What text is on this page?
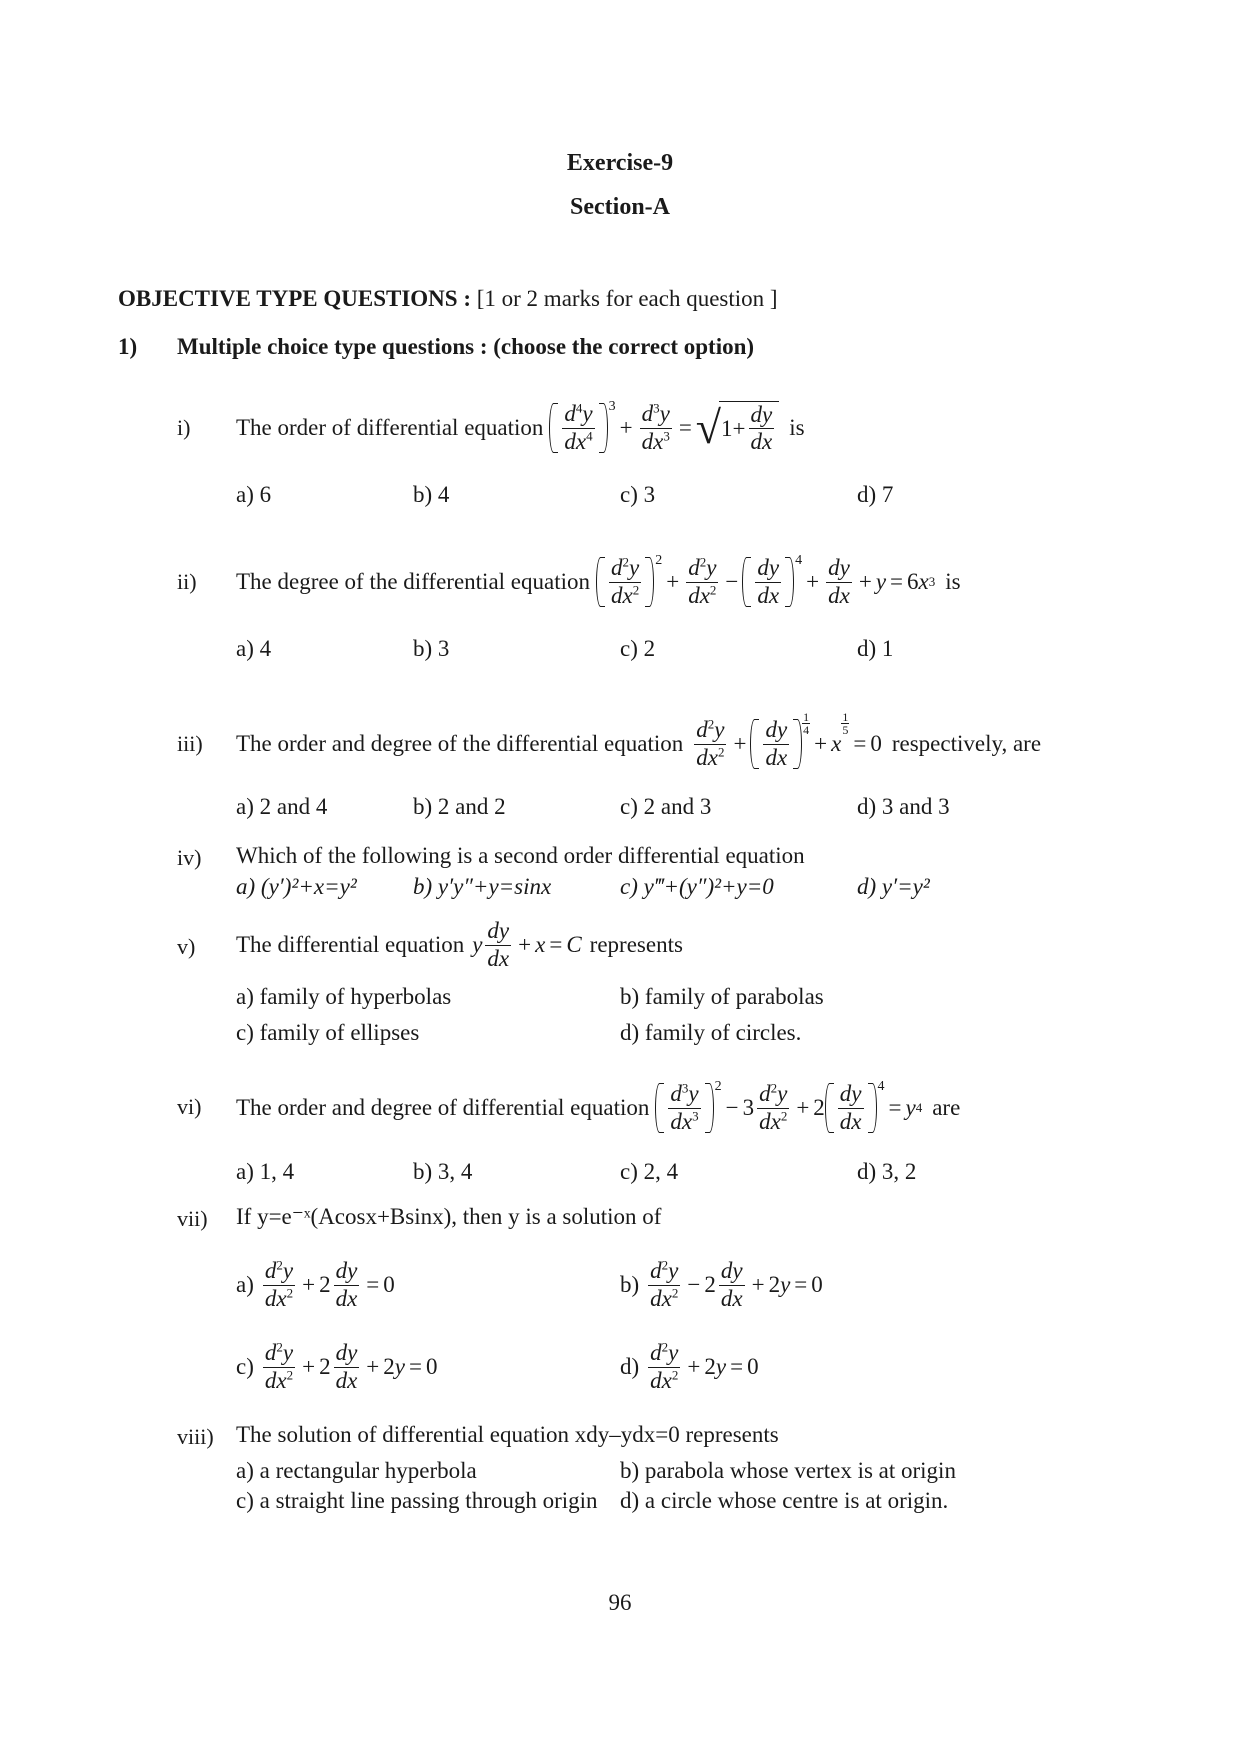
Exercise-9
Section-A
OBJECTIVE TYPE QUESTIONS : [1 or 2 marks for each question ]
1) Multiple choice type questions : (choose the correct option)
i) The order of differential equation $\frac{d^4y}{dx^4} 3$
+ $\frac{d^3y}{dx^3}$ = √ $1+ \frac{dy}{dx}$ is
a) 6	b) 4	c) 3	d) 7
ii) The degree of the differential equation $\frac{d^2y}{dx^2} 2$
+ $\frac{d^2y}{dx^2} - \frac{dy}{dx} 4$
+ $\frac{dy}{dx} + y = 6$ x 3 is
a) 4	b) 3	c) 2	d) 1
iii) The order and degree of the differential equation $\frac{d^2y}{dx^2} + \frac{dy}{dx} 1$
4
+ x
$\frac{1}{5}$
= 0 respectively, are
a) 2 and 4	b) 2 and 2	c) 2 and 3	d) 3 and 3
iv) Which of the following is a second order differential equation
a) (y′)²+x=y² b) y′y″+y=sinx	c) y‴+(y″)²+y=0	d) y′=y²
v) The differential equation y $\frac{dy}{dx} + x = C$ represents
a) family of hyperbolas	b) family of parabolas
c) family of ellipses	d) family of circles.
vi) The order and degree of differential equation $\frac{d^3y}{dx^3} 2$
− $3 \frac{d^2y}{dx^2} + 2 \frac{dy}{dx} 4$
= y 4 are
a) 1, 4	b) 3, 4	c) 2, 4	d) 3, 2
vii) If y=e⁻ˣ(Acosx+Bsinx), then y is a solution of
$a) \frac{d^2y}{dx^2} + 2 \frac{dy}{dx} = 0$	$b) \frac{d^2y}{dx^2} - 2 \frac{dy}{dx} + 2$ y = 0
$c) \frac{d^2y}{dx^2} + 2 \frac{dy}{dx} + 2$ y = 0	$d) \frac{d^2y}{dx^2} + 2$ y = 0
viii) The solution of differential equation xdy–ydx=0 represents
a) a rectangular hyperbola	b) parabola whose vertex is at origin
c) a straight line passing through origin d) a circle whose centre is at origin.
96
